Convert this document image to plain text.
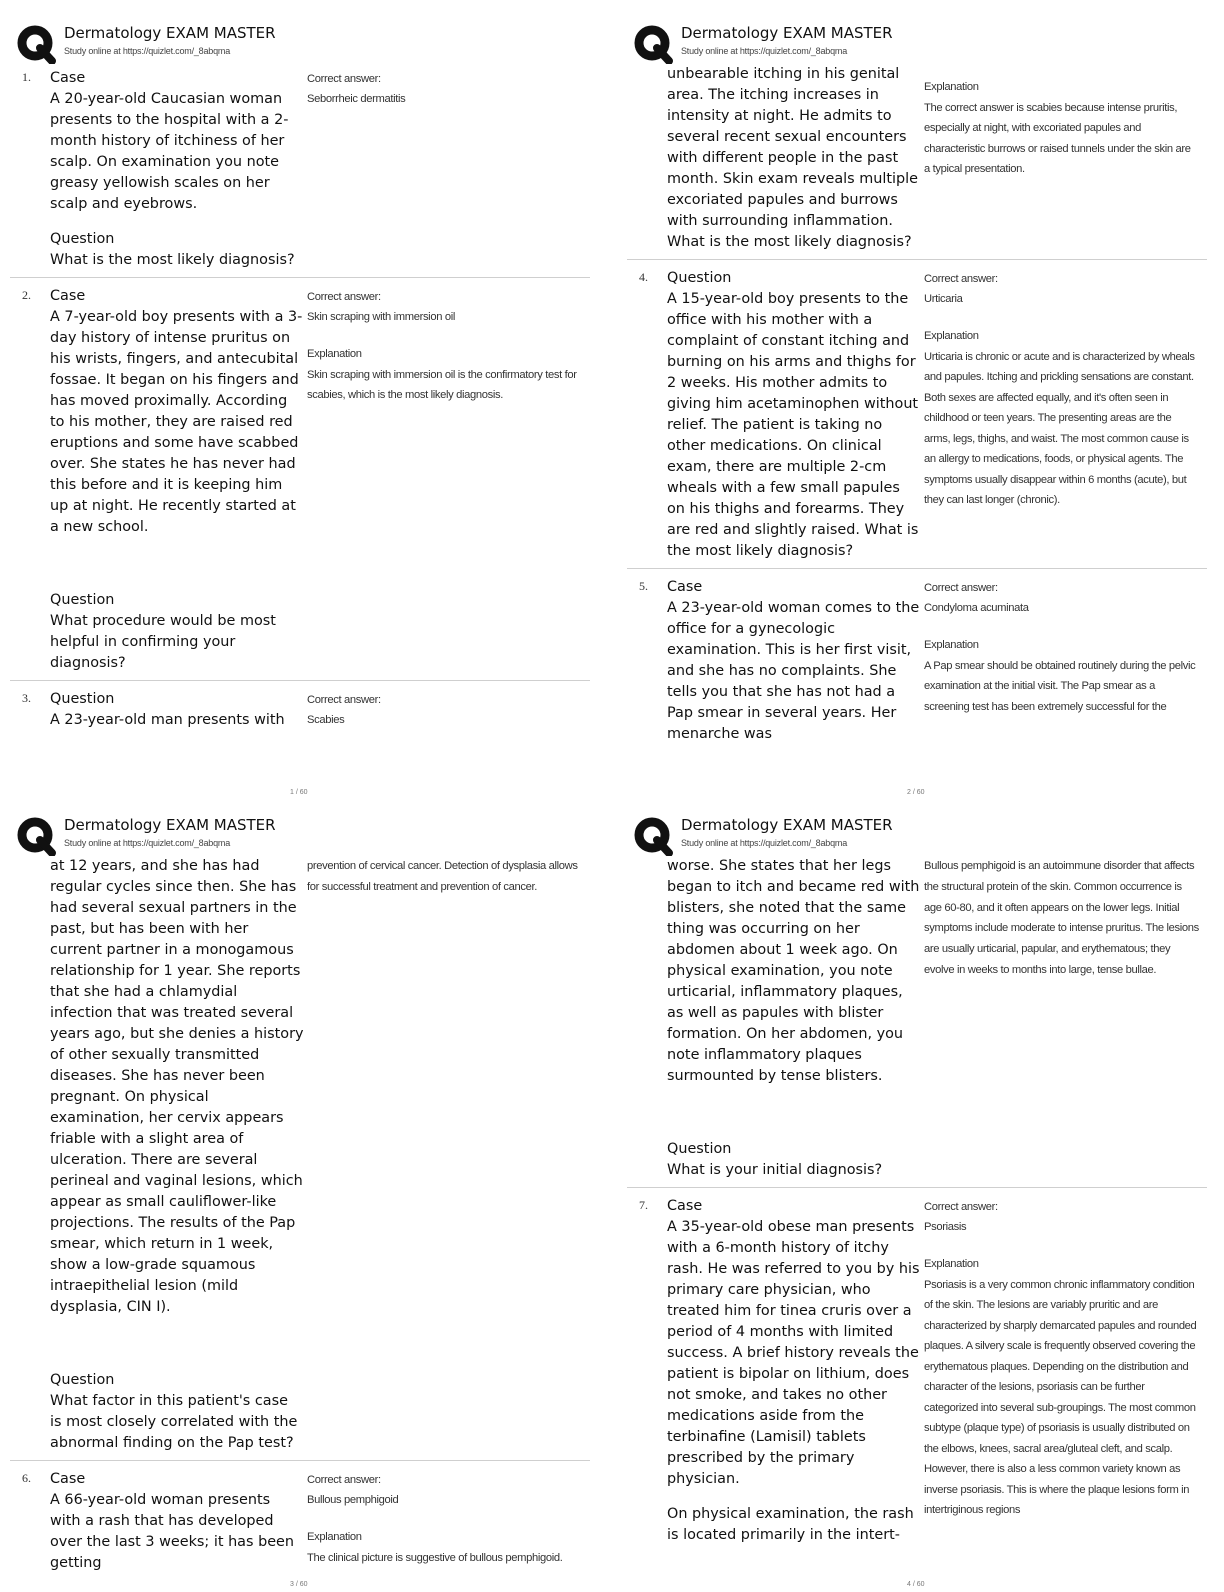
Dermatology EXAM MASTER
Study online at https://quizlet.com/_8abqma
1. Case
A 20-year-old Caucasian woman presents to the hospital with a 2-month history of itchiness of her scalp. On examination you note greasy yellowish scales on her scalp and eyebrows.
Question
What is the most likely diagnosis?
Correct answer:
Seborrheic dermatitis
2. Case
A 7-year-old boy presents with a 3-day history of intense pruritus on his wrists, fingers, and antecubital fossae. It began on his fingers and has moved proximally. According to his mother, they are raised red eruptions and some have scabbed over. She states he has never had this before and it is keeping him up at night. He recently started at a new school.
Question
What procedure would be most helpful in confirming your diagnosis?
Correct answer:
Skin scraping with immersion oil
Explanation
Skin scraping with immersion oil is the confirmatory test for scabies, which is the most likely diagnosis.
3. Question
A 23-year-old man presents with
Correct answer:
Scabies
1 / 60
Dermatology EXAM MASTER
Study online at https://quizlet.com/_8abqma
unbearable itching in his genital area. The itching increases in intensity at night. He admits to several recent sexual encounters with different people in the past month. Skin exam reveals multiple excoriated papules and burrows with surrounding inflammation. What is the most likely diagnosis?
Explanation
The correct answer is scabies because intense pruritis, especially at night, with excoriated papules and characteristic burrows or raised tunnels under the skin are a typical presentation.
4. Question
A 15-year-old boy presents to the office with his mother with a complaint of constant itching and burning on his arms and thighs for 2 weeks. His mother admits to giving him acetaminophen without relief. The patient is taking no other medications. On clinical exam, there are multiple 2-cm wheals with a few small papules on his thighs and forearms. They are red and slightly raised. What is the most likely diagnosis?
Correct answer:
Urticaria
Explanation
Urticaria is chronic or acute and is characterized by wheals and papules. Itching and prickling sensations are constant. Both sexes are affected equally, and it's often seen in childhood or teen years. The presenting areas are the arms, legs, thighs, and waist. The most common cause is an allergy to medications, foods, or physical agents. The symptoms usually disappear within 6 months (acute), but they can last longer (chronic).
5. Case
A 23-year-old woman comes to the office for a gynecologic examination. This is her first visit, and she has no complaints. She tells you that she has not had a Pap smear in several years. Her menarche was
Correct answer:
Condyloma acuminata
Explanation
A Pap smear should be obtained routinely during the pelvic examination at the initial visit. The Pap smear as a screening test has been extremely successful for the
2 / 60
Dermatology EXAM MASTER
Study online at https://quizlet.com/_8abqma
at 12 years, and she has had regular cycles since then. She has had several sexual partners in the past, but has been with her current partner in a monogamous relationship for 1 year. She reports that she had a chlamydial infection that was treated several years ago, but she denies a history of other sexually transmitted diseases. She has never been pregnant. On physical examination, her cervix appears friable with a slight area of ulceration. There are several perineal and vaginal lesions, which appear as small cauliflower-like projections. The results of the Pap smear, which return in 1 week, show a low-grade squamous intraepithelial lesion (mild dysplasia, CIN I).
Question
What factor in this patient's case is most closely correlated with the abnormal finding on the Pap test?
prevention of cervical cancer. Detection of dysplasia allows for successful treatment and prevention of cancer.
6. Case
A 66-year-old woman presents with a rash that has developed over the last 3 weeks; it has been getting
Correct answer:
Bullous pemphigoid
Explanation
The clinical picture is suggestive of bullous pemphigoid.
3 / 60
Dermatology EXAM MASTER
Study online at https://quizlet.com/_8abqma
worse. She states that her legs began to itch and became red with blisters, she noted that the same thing was occurring on her abdomen about 1 week ago. On physical examination, you note urticarial, inflammatory plaques, as well as papules with blister formation. On her abdomen, you note inflammatory plaques surmounted by tense blisters.
Question
What is your initial diagnosis?
Bullous pemphigoid is an autoimmune disorder that affects the structural protein of the skin. Common occurrence is age 60-80, and it often appears on the lower legs. Initial symptoms include moderate to intense pruritus. The lesions are usually urticarial, papular, and erythematous; they evolve in weeks to months into large, tense bullae.
7. Case
A 35-year-old obese man presents with a 6-month history of itchy rash. He was referred to you by his primary care physician, who treated him for tinea cruris over a period of 4 months with limited success. A brief history reveals the patient is bipolar on lithium, does not smoke, and takes no other medications aside from the terbinafine (Lamisil) tablets prescribed by the primary physician.
On physical examination, the rash is located primarily in the intert-
Correct answer:
Psoriasis
Explanation
Psoriasis is a very common chronic inflammatory condition of the skin. The lesions are variably pruritic and are characterized by sharply demarcated papules and rounded plaques. A silvery scale is frequently observed covering the erythematous plaques. Depending on the distribution and character of the lesions, psoriasis can be further categorized into several sub-groupings. The most common subtype (plaque type) of psoriasis is usually distributed on the elbows, knees, sacral area/gluteal cleft, and scalp. However, there is also a less common variety known as inverse psoriasis. This is where the plaque lesions form in intertriginous regions
4 / 60
